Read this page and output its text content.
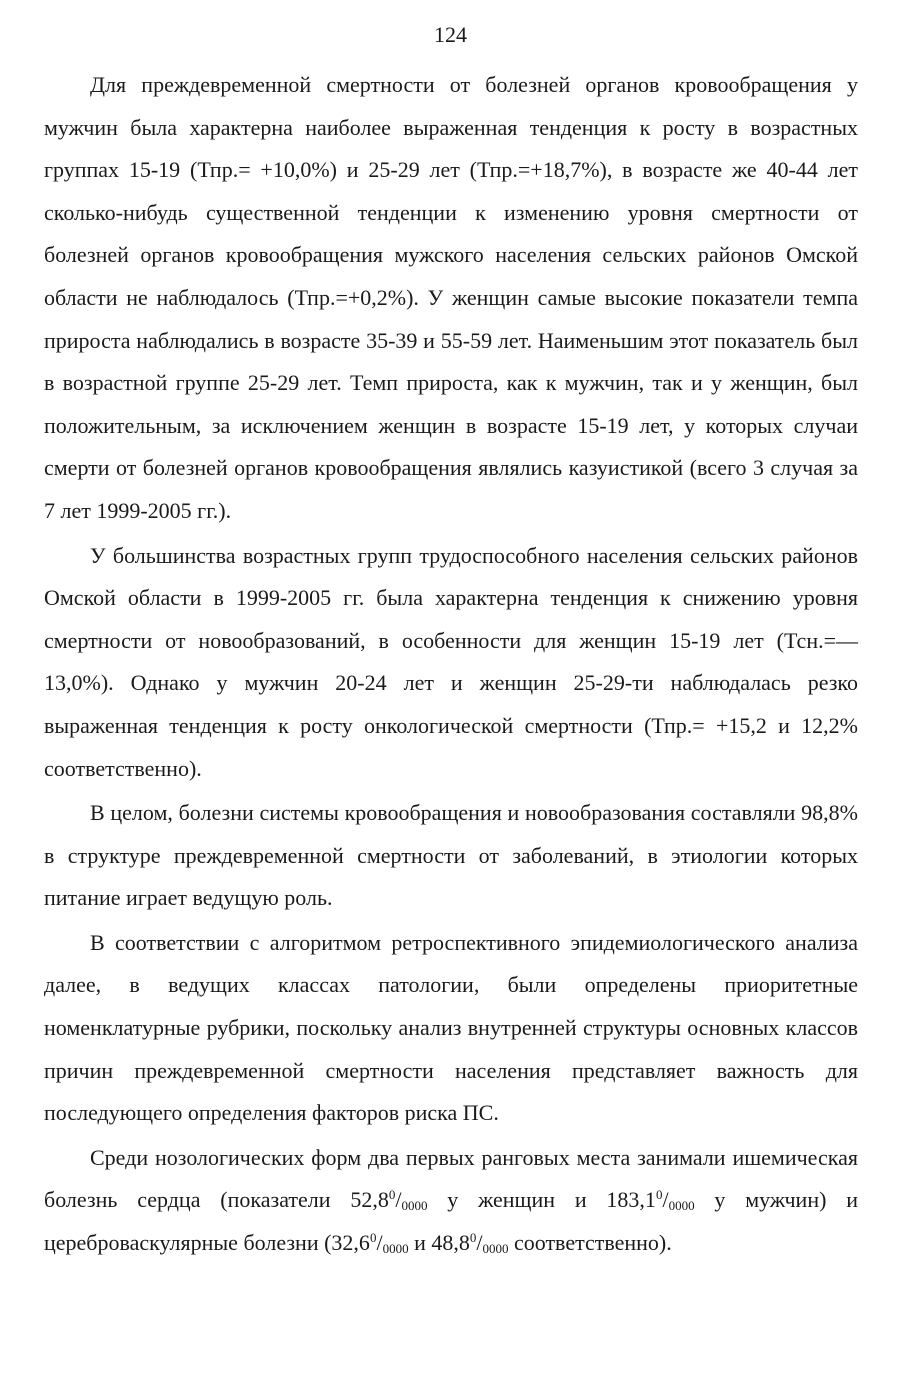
124

Для преждевременной смертности от болезней органов кровообращения у мужчин была характерна наиболее выраженная тенденция к росту в возрастных группах 15-19 (Тпр.= +10,0%) и 25-29 лет (Тпр.=+18,7%), в возрасте же 40-44 лет сколько-нибудь существенной тенденции к изменению уровня смертности от болезней органов кровообращения мужского населения сельских районов Омской области не наблюдалось (Тпр.=+0,2%). У женщин самые высокие показатели темпа прироста наблюдались в возрасте 35-39 и 55-59 лет. Наименьшим этот показатель был в возрастной группе 25-29 лет. Темп прироста, как к мужчин, так и у женщин, был положительным, за исключением женщин в возрасте 15-19 лет, у которых случаи смерти от болезней органов кровообращения являлись казуистикой (всего 3 случая за 7 лет 1999-2005 гг.).

У большинства возрастных групп трудоспособного населения сельских районов Омской области в 1999-2005 гг. была характерна тенденция к снижению уровня смертности от новообразований, в особенности для женщин 15-19 лет (Тсн.=—13,0%). Однако у мужчин 20-24 лет и женщин 25-29-ти наблюдалась резко выраженная тенденция к росту онкологической смертности (Тпр.= +15,2 и 12,2% соответственно).

В целом, болезни системы кровообращения и новообразования составляли 98,8% в структуре преждевременной смертности от заболеваний, в этиологии которых питание играет ведущую роль.

В соответствии с алгоритмом ретроспективного эпидемиологического анализа далее, в ведущих классах патологии, были определены приоритетные номенклатурные рубрики, поскольку анализ внутренней структуры основных классов причин преждевременной смертности населения представляет важность для последующего определения факторов риска ПС.

Среди нозологических форм два первых ранговых места занимали ишемическая болезнь сердца (показатели $52,8^0/_{0000}$ у женщин и $183,1^0/_{0000}$ у мужчин) и цереброваскулярные болезни ($32,6^0/_{0000}$ и $48,8^0/_{0000}$ соответственно).
